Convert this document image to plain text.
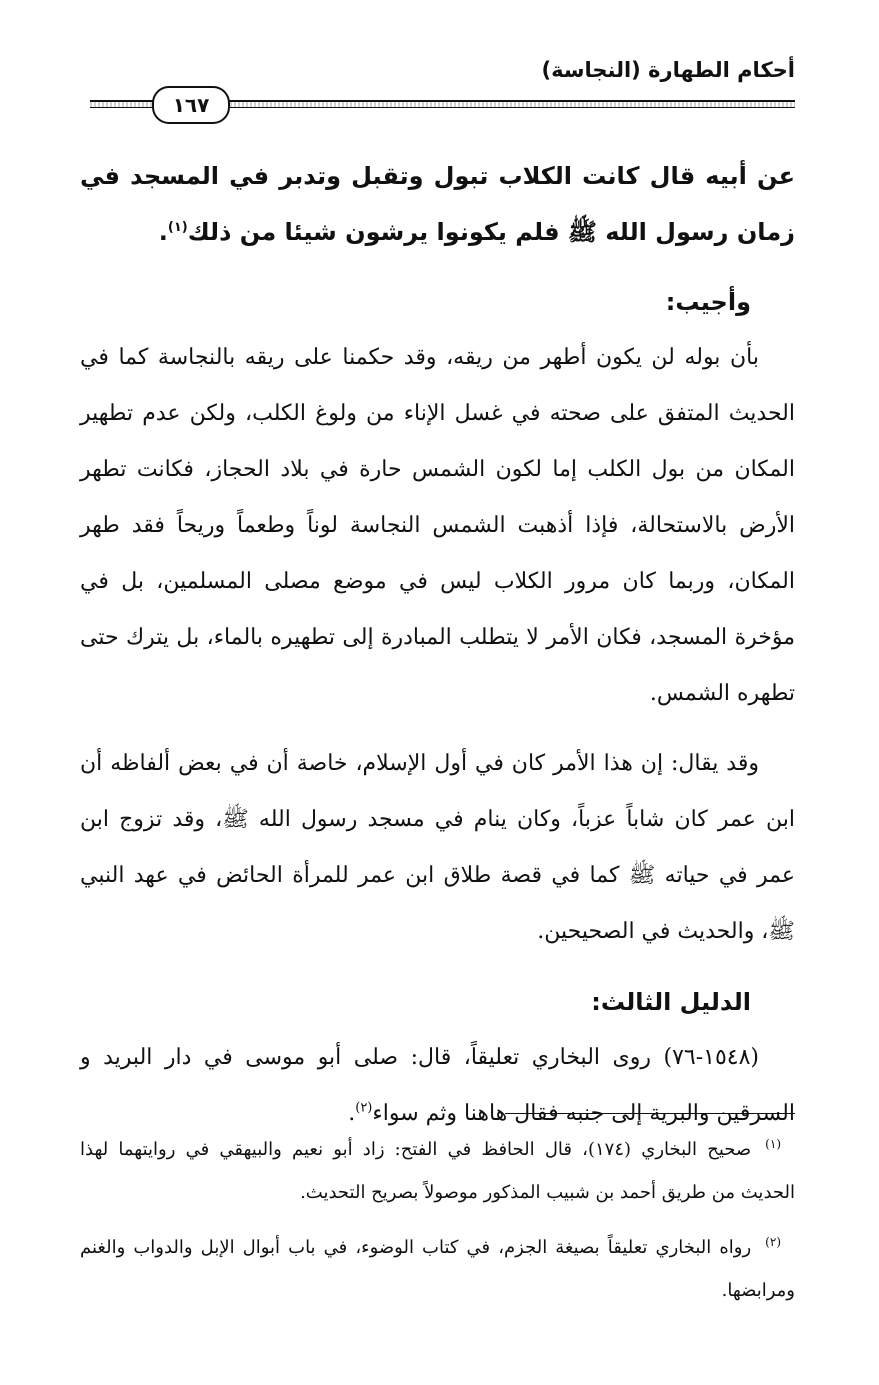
أحكام الطهارة (النجاسة)
١٦٧

عن أبيه قال كانت الكلاب تبول وتقبل وتدبر في المسجد في زمان رسول الله ﷺ فلم يكونوا يرشون شيئا من ذلك$^{(١)}$.

وأجيب:

بأن بوله لن يكون أطهر من ريقه، وقد حكمنا على ريقه بالنجاسة كما في الحديث المتفق على صحته في غسل الإناء من ولوغ الكلب، ولكن عدم تطهير المكان من بول الكلب إما لكون الشمس حارة في بلاد الحجاز، فكانت تطهر الأرض بالاستحالة، فإذا أذهبت الشمس النجاسة لوناً وطعماً وريحاً فقد طهر المكان، وربما كان مرور الكلاب ليس في موضع مصلى المسلمين، بل في مؤخرة المسجد، فكان الأمر لا يتطلب المبادرة إلى تطهيره بالماء، بل يترك حتى تطهره الشمس.

وقد يقال: إن هذا الأمر كان في أول الإسلام، خاصة أن في بعض ألفاظه أن ابن عمر كان شاباً عزباً، وكان ينام في مسجد رسول الله ﷺ، وقد تزوج ابن عمر في حياته ﷺ كما في قصة طلاق ابن عمر للمرأة الحائض في عهد النبي ﷺ، والحديث في الصحيحين.

الدليل الثالث:

(١٥٤٨-٧٦) روى البخاري تعليقاً، قال: صلى أبو موسى في دار البريد و السرقين والبرية إلى جنبه فقال هاهنا وثم سواء$^{(٢)}$.

$^{(١)}$صحيح البخاري (١٧٤)، قال الحافظ في الفتح: زاد أبو نعيم والبيهقي في روايتهما لهذا الحديث من طريق أحمد بن شبيب المذكور موصولاً بصريح التحديث.

$^{(٢)}$رواه البخاري تعليقاً بصيغة الجزم، في كتاب الوضوء، في باب أبوال الإبل والدواب والغنم ومرابضها.
